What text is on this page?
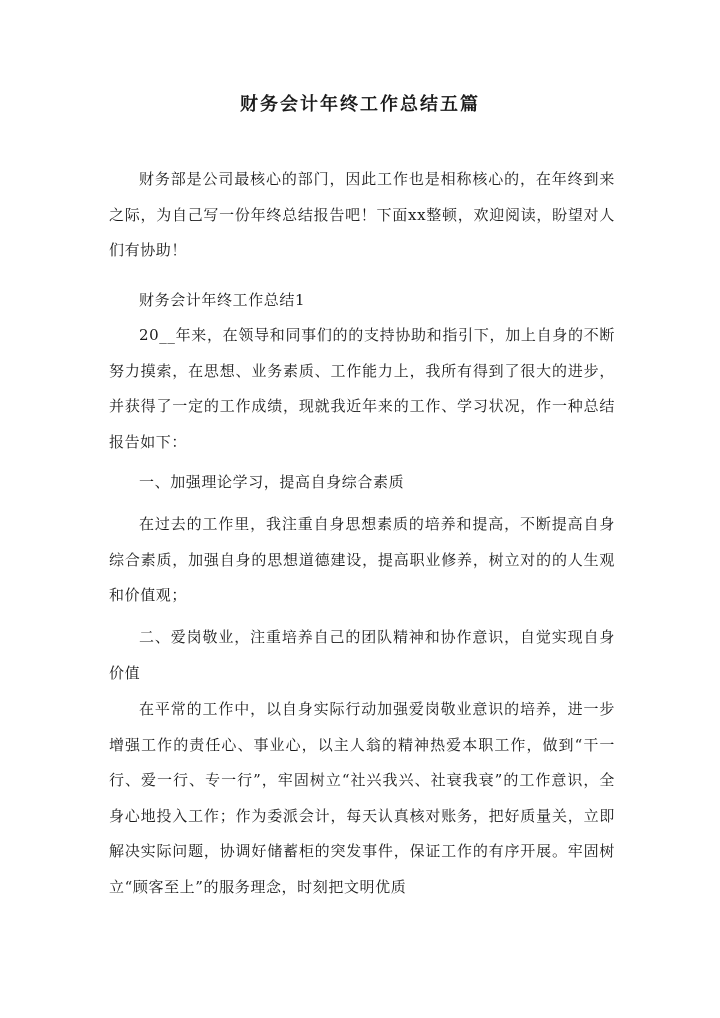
财务会计年终工作总结五篇

财务部是公司最核心的部门，因此工作也是相称核心的，在年终到来之际，为自己写一份年终总结报告吧！下面xx整顿，欢迎阅读，盼望对人们有协助！

财务会计年终工作总结1

20__年来，在领导和同事们的的支持协助和指引下，加上自身的不断努力摸索，在思想、业务素质、工作能力上，我所有得到了很大的进步，并获得了一定的工作成绩，现就我近年来的工作、学习状况，作一种总结报告如下：

一、加强理论学习，提高自身综合素质

在过去的工作里，我注重自身思想素质的培养和提高，不断提高自身综合素质，加强自身的思想道德建设，提高职业修养，树立对的的人生观和价值观；

二、爱岗敬业，注重培养自己的团队精神和协作意识，自觉实现自身价值

在平常的工作中，以自身实际行动加强爱岗敬业意识的培养，进一步增强工作的责任心、事业心，以主人翁的精神热爱本职工作，做到“干一行、爱一行、专一行”，牢固树立“社兴我兴、社衰我衰”的工作意识，全身心地投入工作；作为委派会计，每天认真核对账务，把好质量关，立即解决实际问题，协调好储蓄柜的突发事件，保证工作的有序开展。牢固树立“顾客至上”的服务理念，时刻把文明优质
